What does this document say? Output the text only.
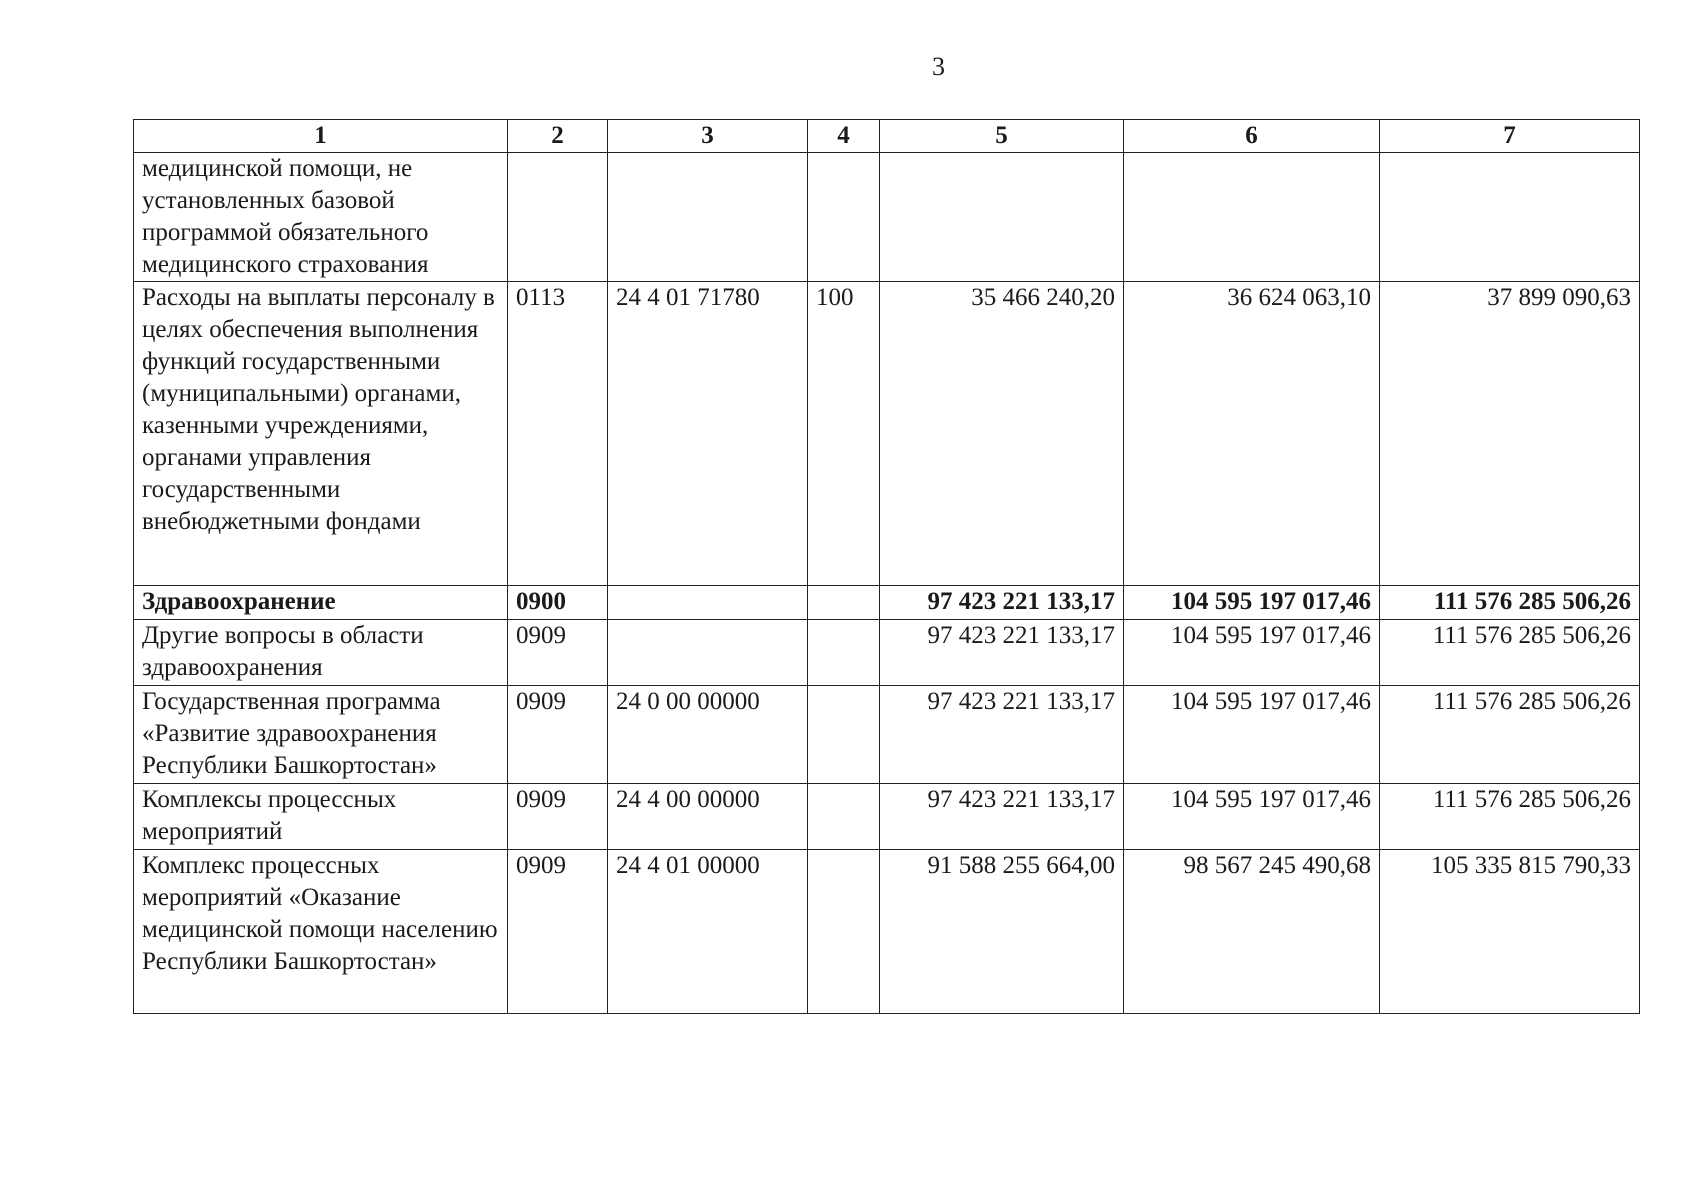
3
1	2	3	4	5	6	7
медицинской помощи, не установленных базовой программой обязательного медицинского страхования						
Расходы на выплаты персоналу в целях обеспечения выполнения функций государственными (муниципальными) органами, казенными учреждениями, органами управления государственными внебюджетными фондами	0113	24 4 01 71780	100	35 466 240,20	36 624 063,10	37 899 090,63
Здравоохранение	0900			97 423 221 133,17	104 595 197 017,46	111 576 285 506,26
Другие вопросы в области здравоохранения	0909			97 423 221 133,17	104 595 197 017,46	111 576 285 506,26
Государственная программа «Развитие здравоохранения Республики Башкортостан»	0909	24 0 00 00000		97 423 221 133,17	104 595 197 017,46	111 576 285 506,26
Комплексы процессных мероприятий	0909	24 4 00 00000		97 423 221 133,17	104 595 197 017,46	111 576 285 506,26
Комплекс процессных мероприятий «Оказание медицинской помощи населению Республики Башкортостан»	0909	24 4 01 00000		91 588 255 664,00	98 567 245 490,68	105 335 815 790,33
